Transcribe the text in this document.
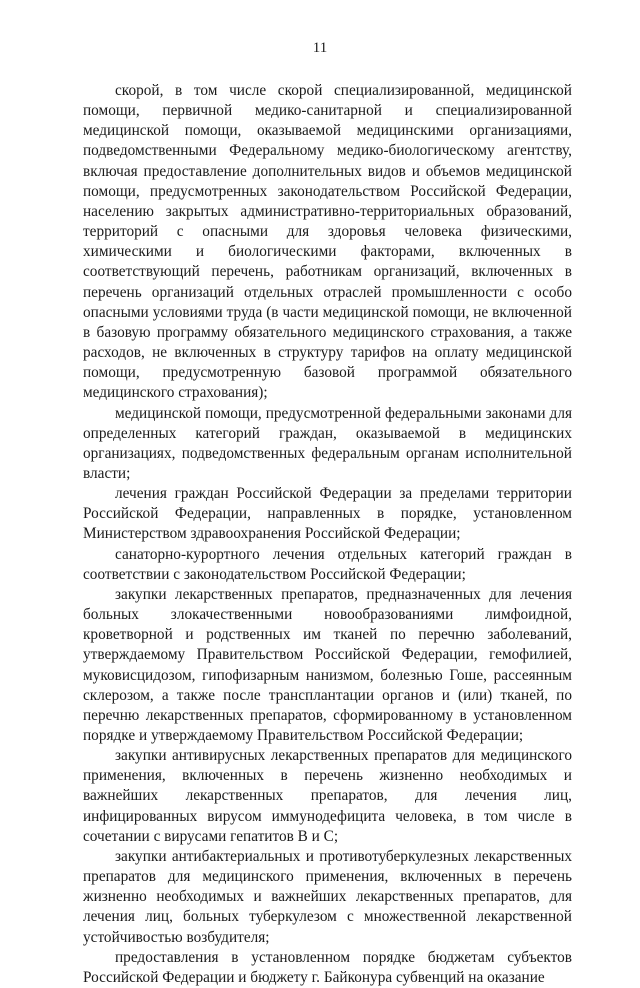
11

скорой, в том числе скорой специализированной, медицинской помощи, первичной медико-санитарной и специализированной медицинской помощи, оказываемой медицинскими организациями, подведомственными Федеральному медико-биологическому агентству, включая предоставление дополнительных видов и объемов медицинской помощи, предусмотренных законодательством Российской Федерации, населению закрытых административно-территориальных образований, территорий с опасными для здоровья человека физическими, химическими и биологическими факторами, включенных в соответствующий перечень, работникам организаций, включенных в перечень организаций отдельных отраслей промышленности с особо опасными условиями труда (в части медицинской помощи, не включенной в базовую программу обязательного медицинского страхования, а также расходов, не включенных в структуру тарифов на оплату медицинской помощи, предусмотренную базовой программой обязательного медицинского страхования);

медицинской помощи, предусмотренной федеральными законами для определенных категорий граждан, оказываемой в медицинских организациях, подведомственных федеральным органам исполнительной власти;

лечения граждан Российской Федерации за пределами территории Российской Федерации, направленных в порядке, установленном Министерством здравоохранения Российской Федерации;

санаторно-курортного лечения отдельных категорий граждан в соответствии с законодательством Российской Федерации;

закупки лекарственных препаратов, предназначенных для лечения больных злокачественными новообразованиями лимфоидной, кроветворной и родственных им тканей по перечню заболеваний, утверждаемому Правительством Российской Федерации, гемофилией, муковисцидозом, гипофизарным нанизмом, болезнью Гоше, рассеянным склерозом, а также после трансплантации органов и (или) тканей, по перечню лекарственных препаратов, сформированному в установленном порядке и утверждаемому Правительством Российской Федерации;

закупки антивирусных лекарственных препаратов для медицинского применения, включенных в перечень жизненно необходимых и важнейших лекарственных препаратов, для лечения лиц, инфицированных вирусом иммунодефицита человека, в том числе в сочетании с вирусами гепатитов B и C;

закупки антибактериальных и противотуберкулезных лекарственных препаратов для медицинского применения, включенных в перечень жизненно необходимых и важнейших лекарственных препаратов, для лечения лиц, больных туберкулезом с множественной лекарственной устойчивостью возбудителя;

предоставления в установленном порядке бюджетам субъектов Российской Федерации и бюджету г. Байконура субвенций на оказание
